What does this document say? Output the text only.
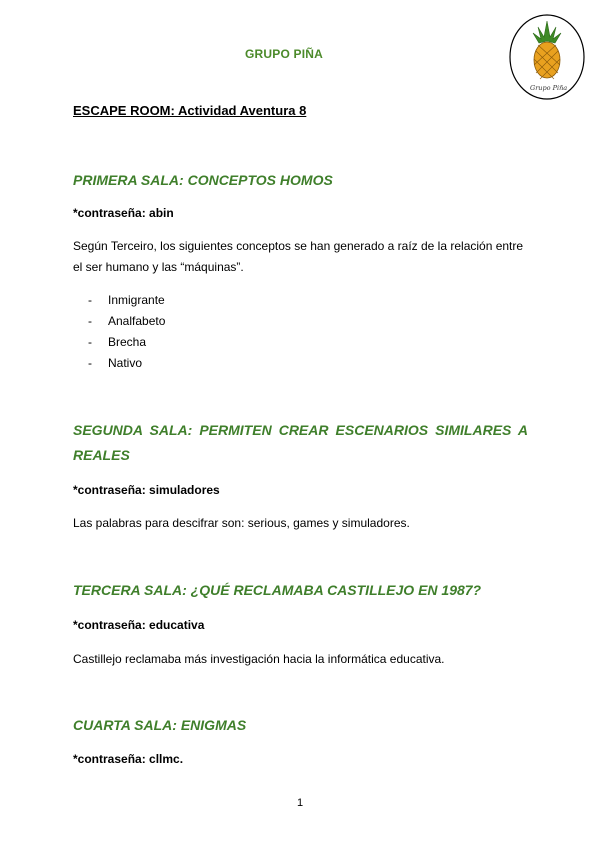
GRUPO PIÑA
Grupo Piña
ESCAPE ROOM: Actividad Aventura 8
PRIMERA SALA: CONCEPTOS HOMOS
*contraseña: abin
Según Terceiro, los siguientes conceptos se han generado a raíz de la relación entre
el ser humano y las “máquinas”.
- Inmigrante
- Analfabeto
- Brecha
- Nativo
SEGUNDA SALA: PERMITEN CREAR ESCENARIOS SIMILARES A
REALES
*contraseña: simuladores
Las palabras para descifrar son: serious, games y simuladores.
TERCERA SALA: ¿QUÉ RECLAMABA CASTILLEJO EN 1987?
*contraseña: educativa
Castillejo reclamaba más investigación hacia la informática educativa.
CUARTA SALA: ENIGMAS
*contraseña: cllmc.
1
